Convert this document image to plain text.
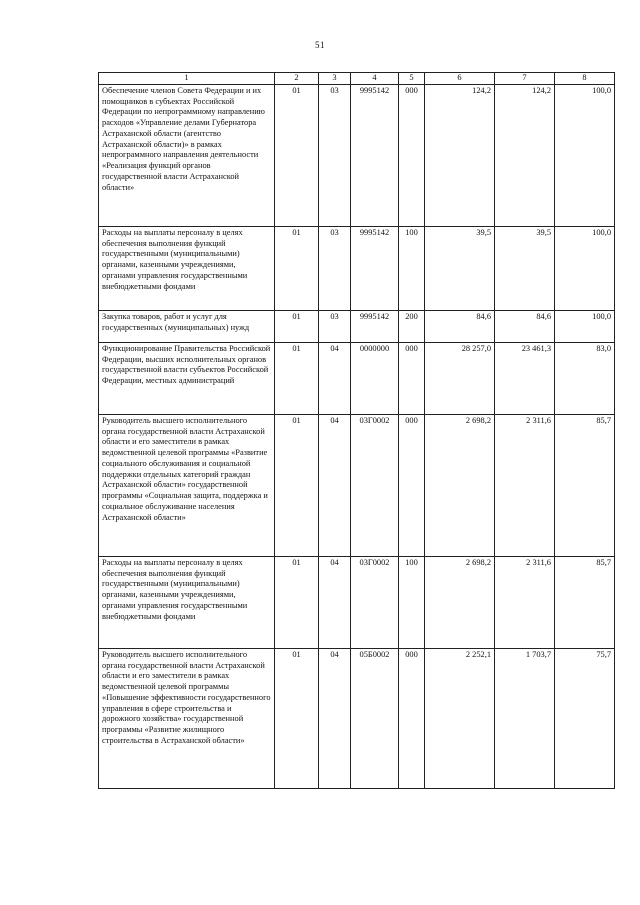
51
1	2	3	4	5	6	7	8
Обеспечение членов Совета Федерации и их помощников в субъектах Российской Федерации по непрограммному направлению расходов «Управление делами Губернатора Астраханской области (агентство Астраханской области)» в рамках непрограммного направления деятельности «Реализация функций органов государственной власти Астраханской области»	01	03	9995142	000	124,2	124,2	100,0
Расходы на выплаты персоналу в целях обеспечения выполнения функций государственными (муниципальными) органами, казенными учреждениями, органами управления государственными внебюджетными фондами	01	03	9995142	100	39,5	39,5	100,0
Закупка товаров, работ и услуг для государственных (муниципальных) нужд	01	03	9995142	200	84,6	84,6	100,0
Функционирование Правительства Российской Федерации, высших исполнительных органов государственной власти субъектов Российской Федерации, местных администраций	01	04	0000000	000	28 257,0	23 461,3	83,0
Руководитель высшего исполнительного органа государственной власти Астраханской области и его заместители в рамках ведомственной целевой программы «Развитие социального обслуживания и социальной поддержки отдельных категорий граждан Астраханской области» государственной программы «Социальная защита, поддержка и социальное обслуживание населения Астраханской области»	01	04	03Г0002	000	2 698,2	2 311,6	85,7
Расходы на выплаты персоналу в целях обеспечения выполнения функций государственными (муниципальными) органами, казенными учреждениями, органами управления государственными внебюджетными фондами	01	04	03Г0002	100	2 698,2	2 311,6	85,7
Руководитель высшего исполнительного органа государственной власти Астраханской области и его заместители в рамках ведомственной целевой программы «Повышение эффективности государственного управления в сфере строительства и дорожного хозяйства» государственной программы «Развитие жилищного строительства в Астраханской области»	01	04	05Б0002	000	2 252,1	1 703,7	75,7
